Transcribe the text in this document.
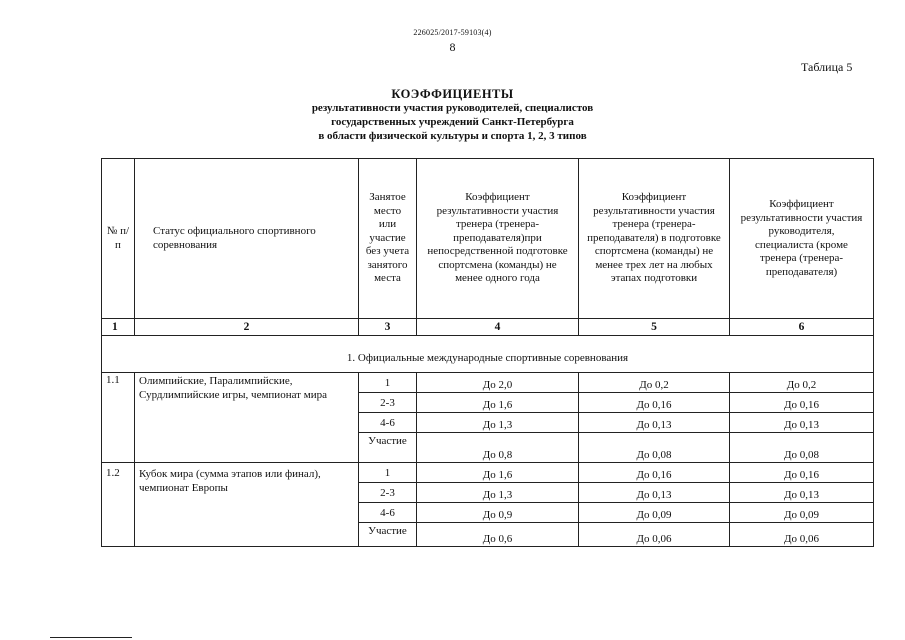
226025/2017-59103(4)
8
Таблица 5
КОЭФФИЦИЕНТЫ
результативности участия руководителей, специалистов
государственных учреждений Санкт-Петербурга
в области физической культуры и спорта 1, 2, 3 типов
№ п/п	Статус официального спортивного соревнования	Занятое место или участие без учета занятого места	Коэффициент результативности участия тренера (тренера-преподавателя)при непосредственной подготовке спортсмена (команды) не менее одного года	Коэффициент результативности участия тренера (тренера-преподавателя) в подготовке спортсмена (команды) не менее трех лет на любых этапах подготовки	Коэффициент результативности участия руководителя, специалиста (кроме тренера (тренера-преподавателя)
1	2	3	4	5	6
1. Официальные международные спортивные соревнования					
1.1	Олимпийские, Паралимпийские, Сурдлимпийские игры, чемпионат мира	1	До 2,0	До 0,2	До 0,2
		2-3	До 1,6	До 0,16	До 0,16
		4-6	До 1,3	До 0,13	До 0,13
		Участие	До 0,8	До 0,08	До 0,08
1.2	Кубок мира (сумма этапов или финал), чемпионат Европы	1	До 1,6	До 0,16	До 0,16
		2-3	До 1,3	До 0,13	До 0,13
		4-6	До 0,9	До 0,09	До 0,09
		Участие	До 0,6	До 0,06	До 0,06
